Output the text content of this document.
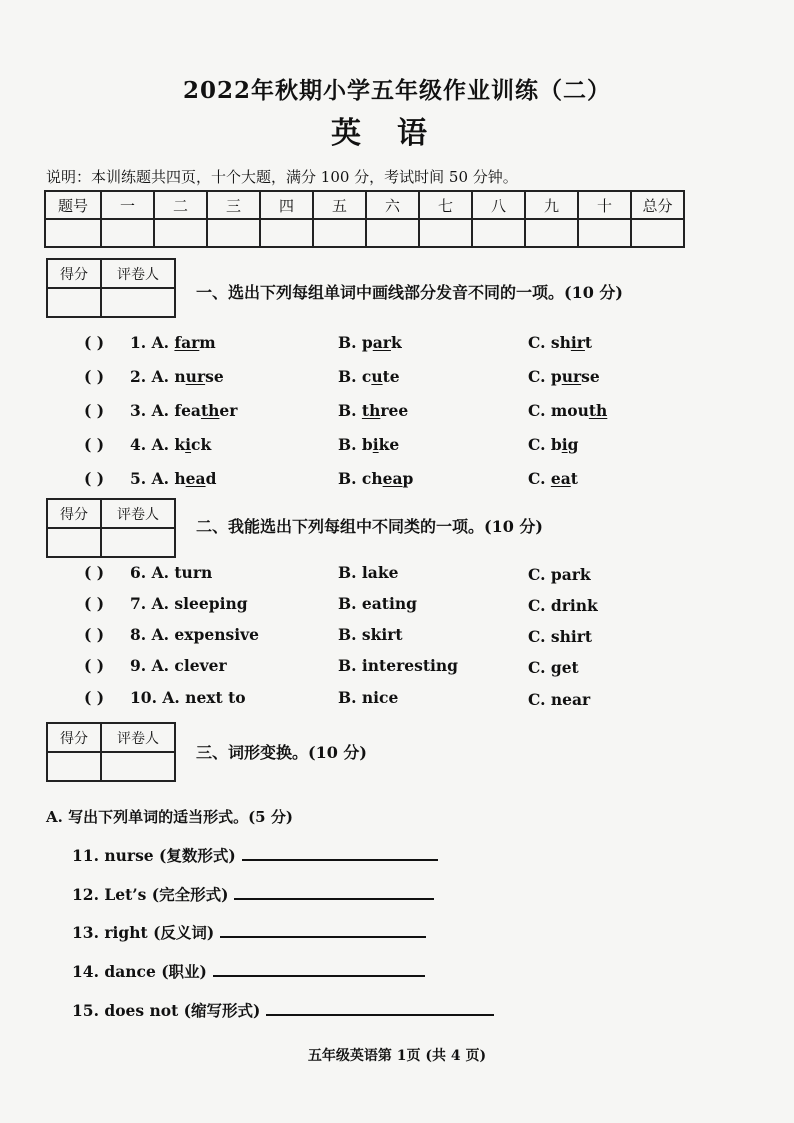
2022年秋期小学五年级作业训练（二）
英语
说明：本训练题共四页，十个大题，满分 100 分，考试时间 50 分钟。
题号	一	二	三	四	五	六	七	八	九	十	总分

得分	评卷人

一、选出下列每组单词中画线部分发音不同的一项。(10 分)
( ) 1. A. farm	B. park	C. shirt
( ) 2. A. nurse	B. cute	C. purse
( ) 3. A. feather	B. three	C. mouth
( ) 4. A. kick	B. bike	C. big
( ) 5. A. head	B. cheap	C. eat
得分	评卷人

二、我能选出下列每组中不同类的一项。(10 分)
( ) 6. A. turn	B. lake	C. park
( ) 7. A. sleeping	B. eating	C. drink
( ) 8. A. expensive	B. skirt	C. shirt
( ) 9. A. clever	B. interesting	C. get
( ) 10. A. next to	B. nice	C. near
得分	评卷人

三、词形变换。(10 分)
A. 写出下列单词的适当形式。(5 分)
11. nurse (复数形式)
12. Let’s (完全形式)
13. right (反义词)
14. dance (职业)
15. does not (缩写形式)
五年级英语第 1页 (共 4 页)
